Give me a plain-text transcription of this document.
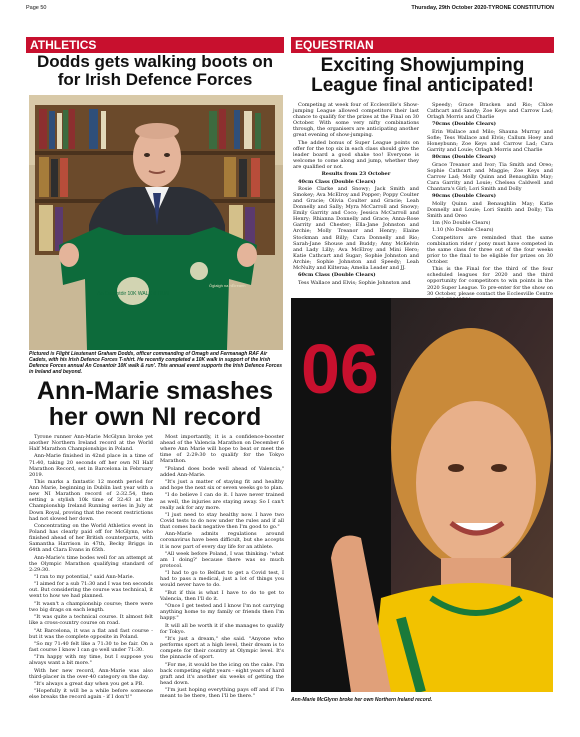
Page 50	Thursday, 29th October 2020-TYRONE CONSTITUTION
ATHLETICS	EQUESTRIAN
Dodds gets walking boots on for Irish Defence Forces
An Cosantóir 10K WALK & RUN
Óglaigh na hÉireann
Pictured is Flight Lieutenant Graham Dodds, officer commanding of Omagh and Fermanagh RAF Air Cadets, with his Irish Defence Forces T-shirt. He recently completed a 10K walk in support of the Irish Defence Forces annual An Cosantoir 10K walk & run'. This annual event supports the Irish Defence Forces in Ireland and beyond.
Ann-Marie smashes her own NI record

Tyrone runner Ann-Marie McGlynn broke yet another Northern Ireland record at the World Half Marathon Championships in Poland.

Ann-Marie finished in 42nd place in a time of 71:40, taking 20 seconds off her own NI Half Marathon Record, set in Barcelona in February 2019.

This marks a fantastic 12 month period for Ann Marie, beginning in Dublin last year with a new NI Marathon record of 2:32.54, then setting a stylish 10k time of 32:43 at the Championship Ireland Running series in July at Down Royal, proving that the recent restrictions had not slowed her down.

Concentrating on the World Athletics event in Poland has clearly paid off for McGlynn, who finished ahead of her British counterparts, with Samantha Harrison in 47th, Becky Briggs in 64th and Clara Evans in 65th.

Ann-Marie's time bodes well for an attempt at the Olympic Marathon qualifying standard of 2:29:30.

"I ran to my potential," said Ann-Marie.

"I aimed for a sub 71:30 and I was ten seconds out. But considering the course was technical, it went to how we had planned.

"It wasn't a championship course; there were two big drags on each length.

"It was quite a technical course. It almost felt like a cross-country course on road.

"At Barcelona, it was a flat and fast course - but it was the complete opposite in Poland.

"So my 71:40 felt like a 71:30 to be fair. On a fast course I know I can go well under 71:30.

"I'm happy with my time, but I suppose you always want a bit more."

With her new record, Ann-Marie was also third-placer in the over-40 category on the day.

"It's always a great day when you get a PB.

"Hopefully it will be a while before someone else breaks the record again - if I don't!"

Most importantly, it is a confidence-booster ahead of the Valencia Marathon on December 6 where Ann Marie will hope to beat or meet the time of 2:29:30 to qualify for the Tokyo Marathon.

"Poland does bode well ahead of Valencia," added Ann-Marie.

"It's just a matter of staying fit and healthy and hope the next six or seven weeks go to plan.

"I do believe I can do it. I have never trained as well, the injuries are staying away. So I can't really ask for any more.

"I just need to stay healthy now. I have two Covid tests to do now under the rules and if all that comes back negative then I'm good to go."

Ann-Marie admits regulations around coronavirus have been difficult, but she accepts it is now part of every day life for an athlete.

"All week before Poland, I was thinking: 'what am I doing?' because there was so much protocol.

"I had to go to Belfast to get a Covid test, I had to pass a medical, just a lot of things you would never have to do.

"But if this is what I have to do to get to Valencia, then I'll do it.

"Once I get tested and I know I'm not carrying anything home to my family or friends then I'm happy."

It will all be worth it if she manages to qualify for Tokyo.

"It's just a dream," she said. "Anyone who performs sport at a high level, their dream is to compete for their country at Olympic level. It's the pinnacle of sport.

"For me, it would be the icing on the cake. I'm back competing eight years - eight years of hard graft and it's another six weeks of getting the head down.

"I'm just hoping everything pays off and if I'm meant to be there, then I'll be there."

Exciting Showjumping League final anticipated!

Competing at week four of Ecclesville's Show-jumping League allowed competitors their last chance to qualify for the prizes at the Final on 30 October. With some very nifty combinations through, the organisers are anticipating another great evening of show-jumping.

The added bonus of Super League points on offer for the top six in each class should give the leader board a good shake too! Everyone is welcome to come along and jump, whether they are qualified or not.

Results from 23 October

40cm Class (Double Clears)

Rosie Clarke and Snowy; Jack Smith and Smokey; Ava McElroy and Popper; Poppy Coulter and Gracie; Olivia Coulter and Gracie; Leah Donnelly and Sally; Myra McCarroll and Snowy; Emily Garrity and Coco; Jessica McCarroll and Henry; Rhianna Donnelly and Grace; Anna-Rose Garrity and Chester; Ella-Jane Johnston and Archie; Molly Treanor and Henry; Elaine Stockman and Billy; Cara Donnelly and Rio; Sarah-Jane Shouse and Buddy; Amy McKelvin and Lady Lilly; Ava McElroy and Mini Hero; Katie Cathcart and Sugar; Sophie Johnston and Archie; Sophie Johnston and Speedy; Leah McNulty and Kilteraa; Amelia Leader and JJ.

60cm Class (Double Clears)

Tess Wallace and Elvis; Sophie Johnston and

Speedy; Grace Bracken and Rio; Chloe Cathcart and Sandy; Zoe Keys and Carrow Lad; Orlagh Morris and Charlie

70cms (Double Clears)

Erin Wallace and Milo; Shauna Murray and Sofie; Tess Wallace and Elvis; Callum Hoey and Honeybunn; Zoe Keys and Carrow Lad; Cara Garrity and Louie; Orlagh Morris and Charlie

80cms (Double Clears)

Grace Treanor and Ivor; Tia Smith and Oreo; Sophie Cathcart and Maggie; Zoe Keys and Carrow Lad; Molly Quinn and Benaughlin May; Cara Garrity and Louie; Chelsea Caldwell and Chantara's Girl; Lori Smith and Dolly

90cms (Double Clears)

Molly Quinn and Benaughlin May; Katie Donnelly and Louie; Lori Smith and Dolly; Tia Smith and Oreo

1m (No Double Clears)

1.10 (No Double Clears)

Competitors are reminded that the same combination rider / pony must have competed in the same class for three out of the four weeks prior to the final to be eligible for prizes on 30 October.

This is the Final for the third of the four scheduled leagues for 2020 and the third opportunity for competitors to win points in the 2020 Super League. To pre-enter for the show on 30 October, please contact the Ecclesville Centre

06
Ann-Marie McGlynn broke her own Northern Ireland record.
